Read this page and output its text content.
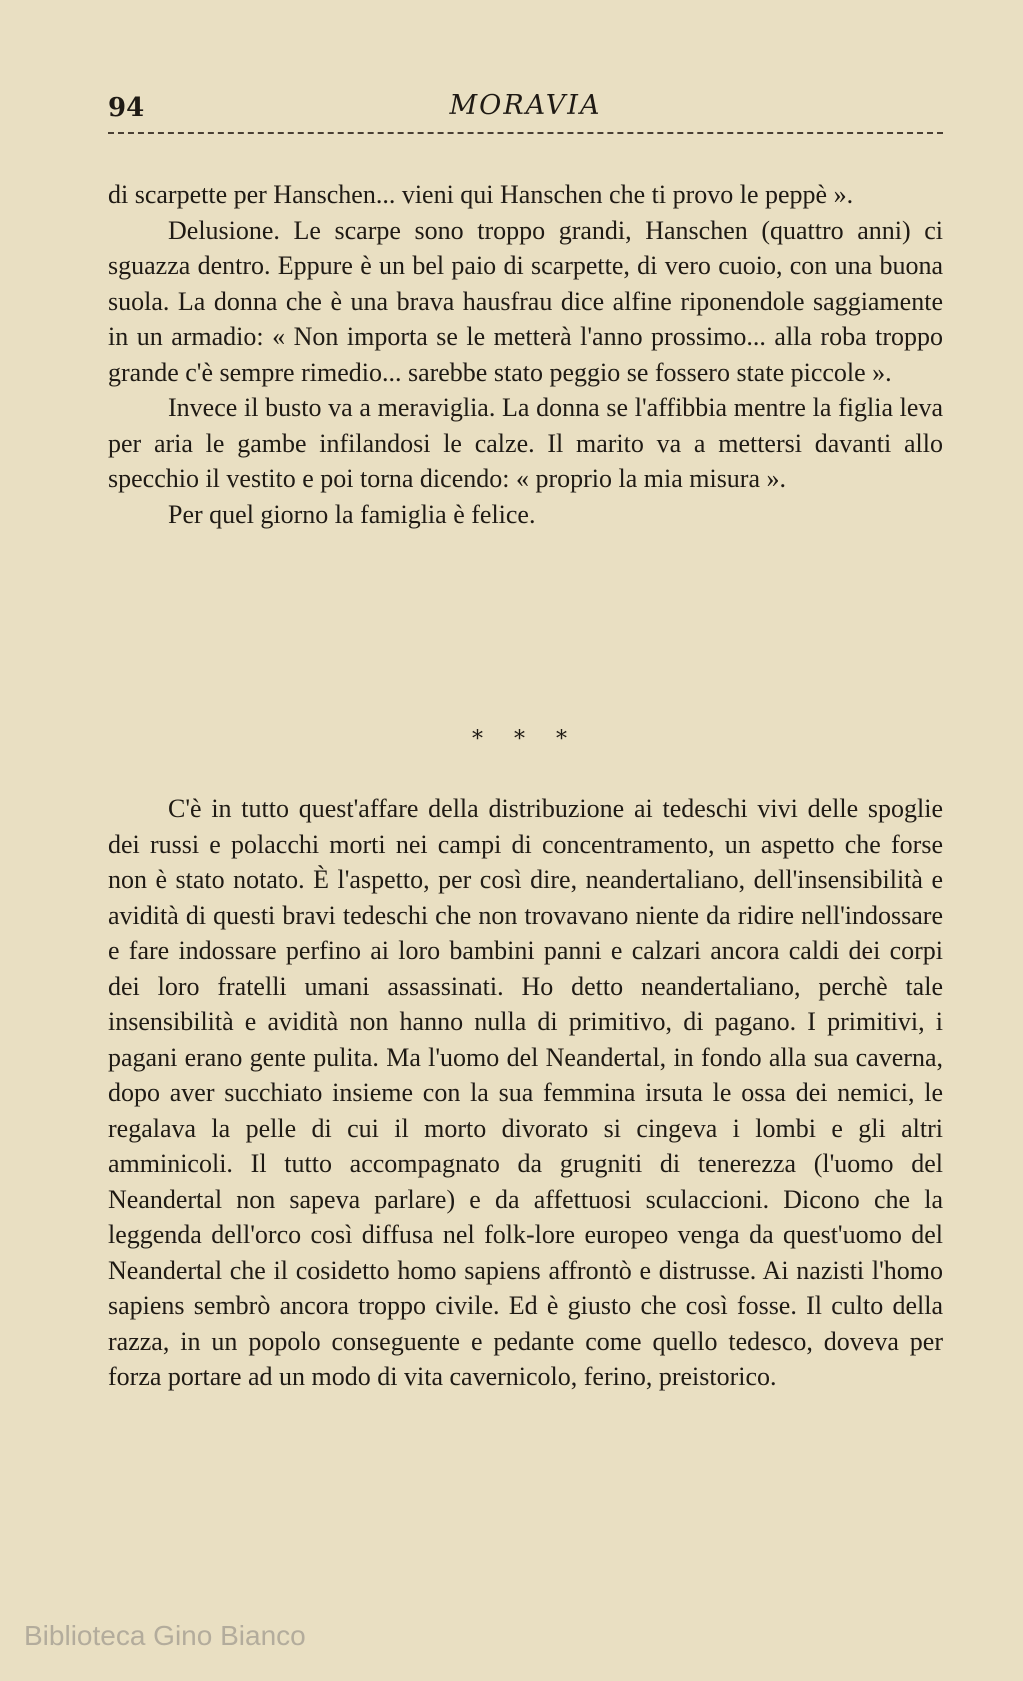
94	MORAVIA

di scarpette per Hanschen... vieni qui Hanschen che ti provo le peppè ».

Delusione. Le scarpe sono troppo grandi, Hanschen (quattro anni) ci sguazza dentro. Eppure è un bel paio di scarpette, di vero cuoio, con una buona suola. La donna che è una brava hausfrau dice alfine riponendole saggiamente in un armadio: « Non importa se le metterà l'anno prossimo... alla roba troppo grande c'è sempre rimedio... sarebbe stato peggio se fossero state piccole ».

Invece il busto va a meraviglia. La donna se l'affibbia mentre la figlia leva per aria le gambe infilandosi le calze. Il marito va a mettersi davanti allo specchio il vestito e poi torna dicendo: « proprio la mia misura ».

Per quel giorno la famiglia è felice.

* * *

C'è in tutto quest'affare della distribuzione ai tedeschi vivi delle spoglie dei russi e polacchi morti nei campi di concentramento, un aspetto che forse non è stato notato. È l'aspetto, per così dire, neandertaliano, dell'insensibilità e avidità di questi bravi tedeschi che non trovavano niente da ridire nell'indossare e fare indossare perfino ai loro bambini panni e calzari ancora caldi dei corpi dei loro fratelli umani assassinati. Ho detto neandertaliano, perchè tale insensibilità e avidità non hanno nulla di primitivo, di pagano. I primitivi, i pagani erano gente pulita. Ma l'uomo del Neandertal, in fondo alla sua caverna, dopo aver succhiato insieme con la sua femmina irsuta le ossa dei nemici, le regalava la pelle di cui il morto divorato si cingeva i lombi e gli altri amminicoli. Il tutto accompagnato da grugniti di tenerezza (l'uomo del Neandertal non sapeva parlare) e da affettuosi sculaccioni. Dicono che la leggenda dell'orco così diffusa nel folk-lore europeo venga da quest'uomo del Neandertal che il cosidetto homo sapiens affrontò e distrusse. Ai nazisti l'homo sapiens sembrò ancora troppo civile. Ed è giusto che così fosse. Il culto della razza, in un popolo conseguente e pedante come quello tedesco, doveva per forza portare ad un modo di vita cavernicolo, ferino, preistorico.

Biblioteca Gino Bianco
